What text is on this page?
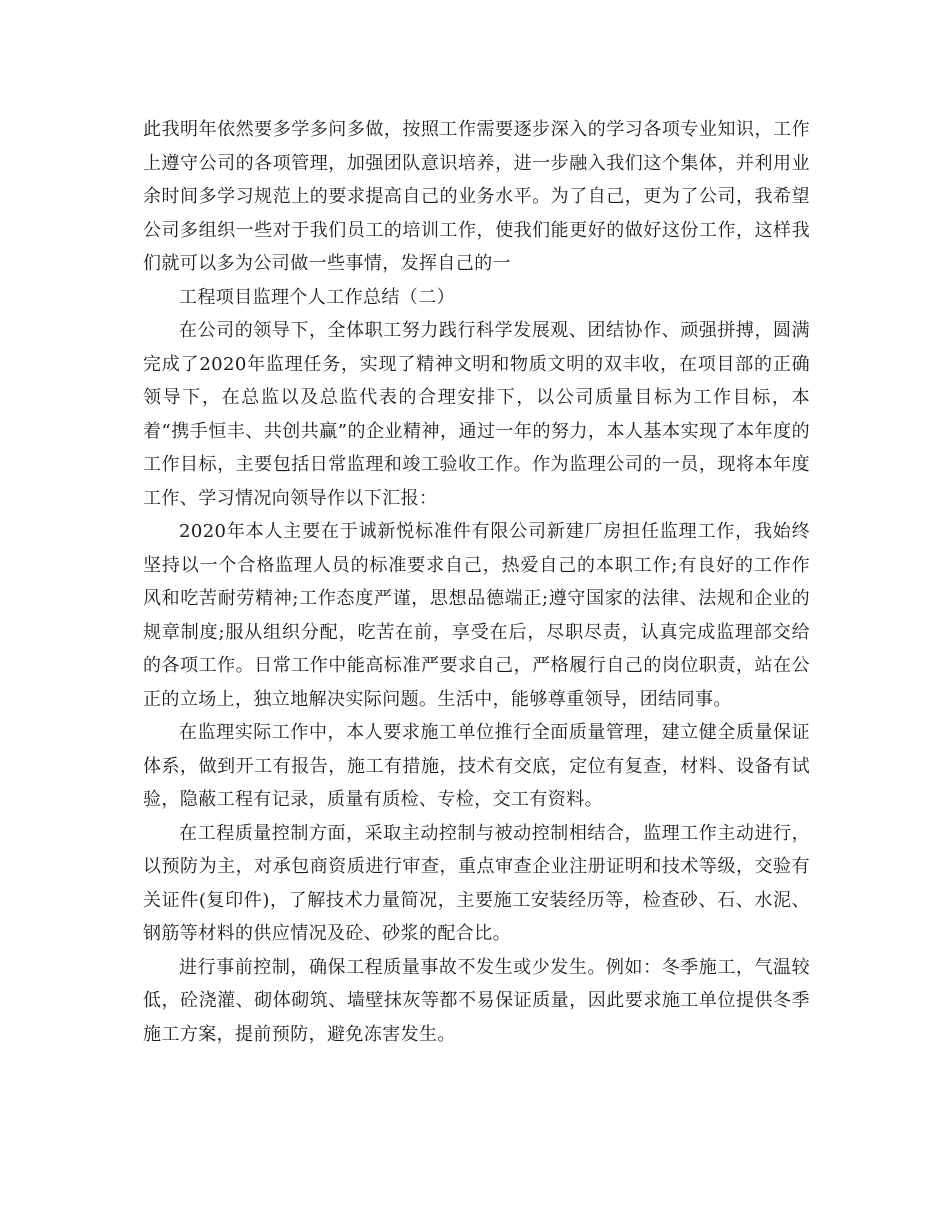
此我明年依然要多学多问多做，按照工作需要逐步深入的学习各项专业知识，工作上遵守公司的各项管理，加强团队意识培养，进一步融入我们这个集体，并利用业余时间多学习规范上的要求提高自己的业务水平。为了自己，更为了公司，我希望公司多组织一些对于我们员工的培训工作，使我们能更好的做好这份工作，这样我们就可以多为公司做一些事情，发挥自己的一

工程项目监理个人工作总结（二）

在公司的领导下，全体职工努力践行科学发展观、团结协作、顽强拼搏，圆满完成了2020年监理任务，实现了精神文明和物质文明的双丰收，在项目部的正确领导下，在总监以及总监代表的合理安排下，以公司质量目标为工作目标，本着“携手恒丰、共创共赢”的企业精神，通过一年的努力，本人基本实现了本年度的工作目标，主要包括日常监理和竣工验收工作。作为监理公司的一员，现将本年度工作、学习情况向领导作以下汇报：

2020年本人主要在于诚新悦标准件有限公司新建厂房担任监理工作，我始终坚持以一个合格监理人员的标准要求自己，热爱自己的本职工作;有良好的工作作风和吃苦耐劳精神;工作态度严谨，思想品德端正;遵守国家的法律、法规和企业的规章制度;服从组织分配，吃苦在前，享受在后，尽职尽责，认真完成监理部交给的各项工作。日常工作中能高标准严要求自己，严格履行自己的岗位职责，站在公正的立场上，独立地解决实际问题。生活中，能够尊重领导，团结同事。

在监理实际工作中，本人要求施工单位推行全面质量管理，建立健全质量保证体系，做到开工有报告，施工有措施，技术有交底，定位有复查，材料、设备有试验，隐蔽工程有记录，质量有质检、专检，交工有资料。

在工程质量控制方面，采取主动控制与被动控制相结合，监理工作主动进行，以预防为主，对承包商资质进行审查，重点审查企业注册证明和技术等级，交验有关证件(复印件)，了解技术力量简况，主要施工安装经历等，检查砂、石、水泥、钢筋等材料的供应情况及砼、砂浆的配合比。

进行事前控制，确保工程质量事故不发生或少发生。例如：冬季施工，气温较低，砼浇灌、砌体砌筑、墙壁抹灰等都不易保证质量，因此要求施工单位提供冬季施工方案，提前预防，避免冻害发生。
